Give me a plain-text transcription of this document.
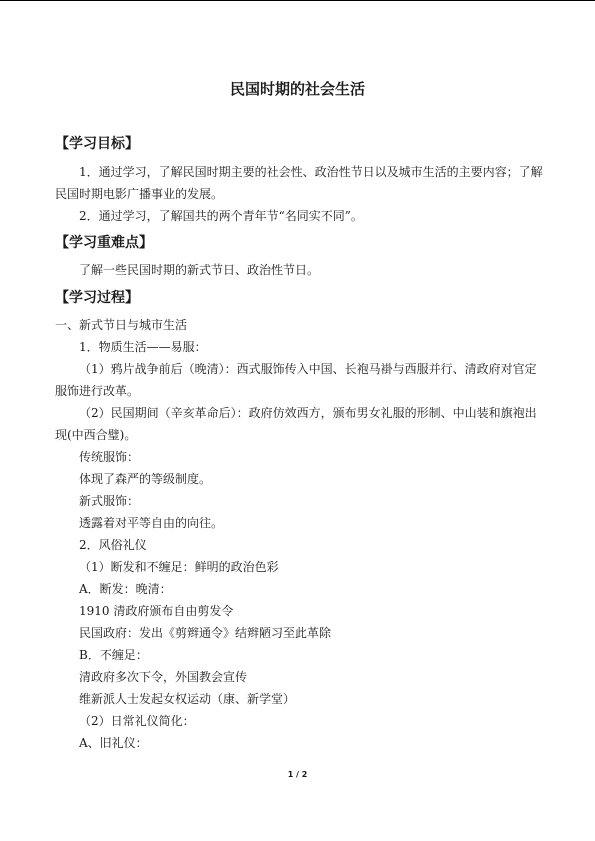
民国时期的社会生活
【学习目标】
1．通过学习，了解民国时期主要的社会性、政治性节日以及城市生活的主要内容；了解
民国时期电影广播事业的发展。
2．通过学习，了解国共的两个青年节“名同实不同”。
【学习重难点】
了解一些民国时期的新式节日、政治性节日。
【学习过程】
一、新式节日与城市生活
1．物质生活——易服：
（1）鸦片战争前后（晚清）：西式服饰传入中国、长袍马褂与西服并行、清政府对官定
服饰进行改革。
（2）民国期间（辛亥革命后）：政府仿效西方，颁布男女礼服的形制、中山装和旗袍出
现(中西合璧)。
传统服饰：
体现了森严的等级制度。
新式服饰：
透露着对平等自由的向往。
2．风俗礼仪
（1）断发和不缠足：鲜明的政治色彩
A．断发：晚清：
1910 清政府颁布自由剪发令
民国政府：发出《剪辫通令》结辫陋习至此革除
B．不缠足：
清政府多次下令，外国教会宣传
维新派人士发起女权运动（康、新学堂）
（2）日常礼仪简化：
A、旧礼仪：
1 / 2
